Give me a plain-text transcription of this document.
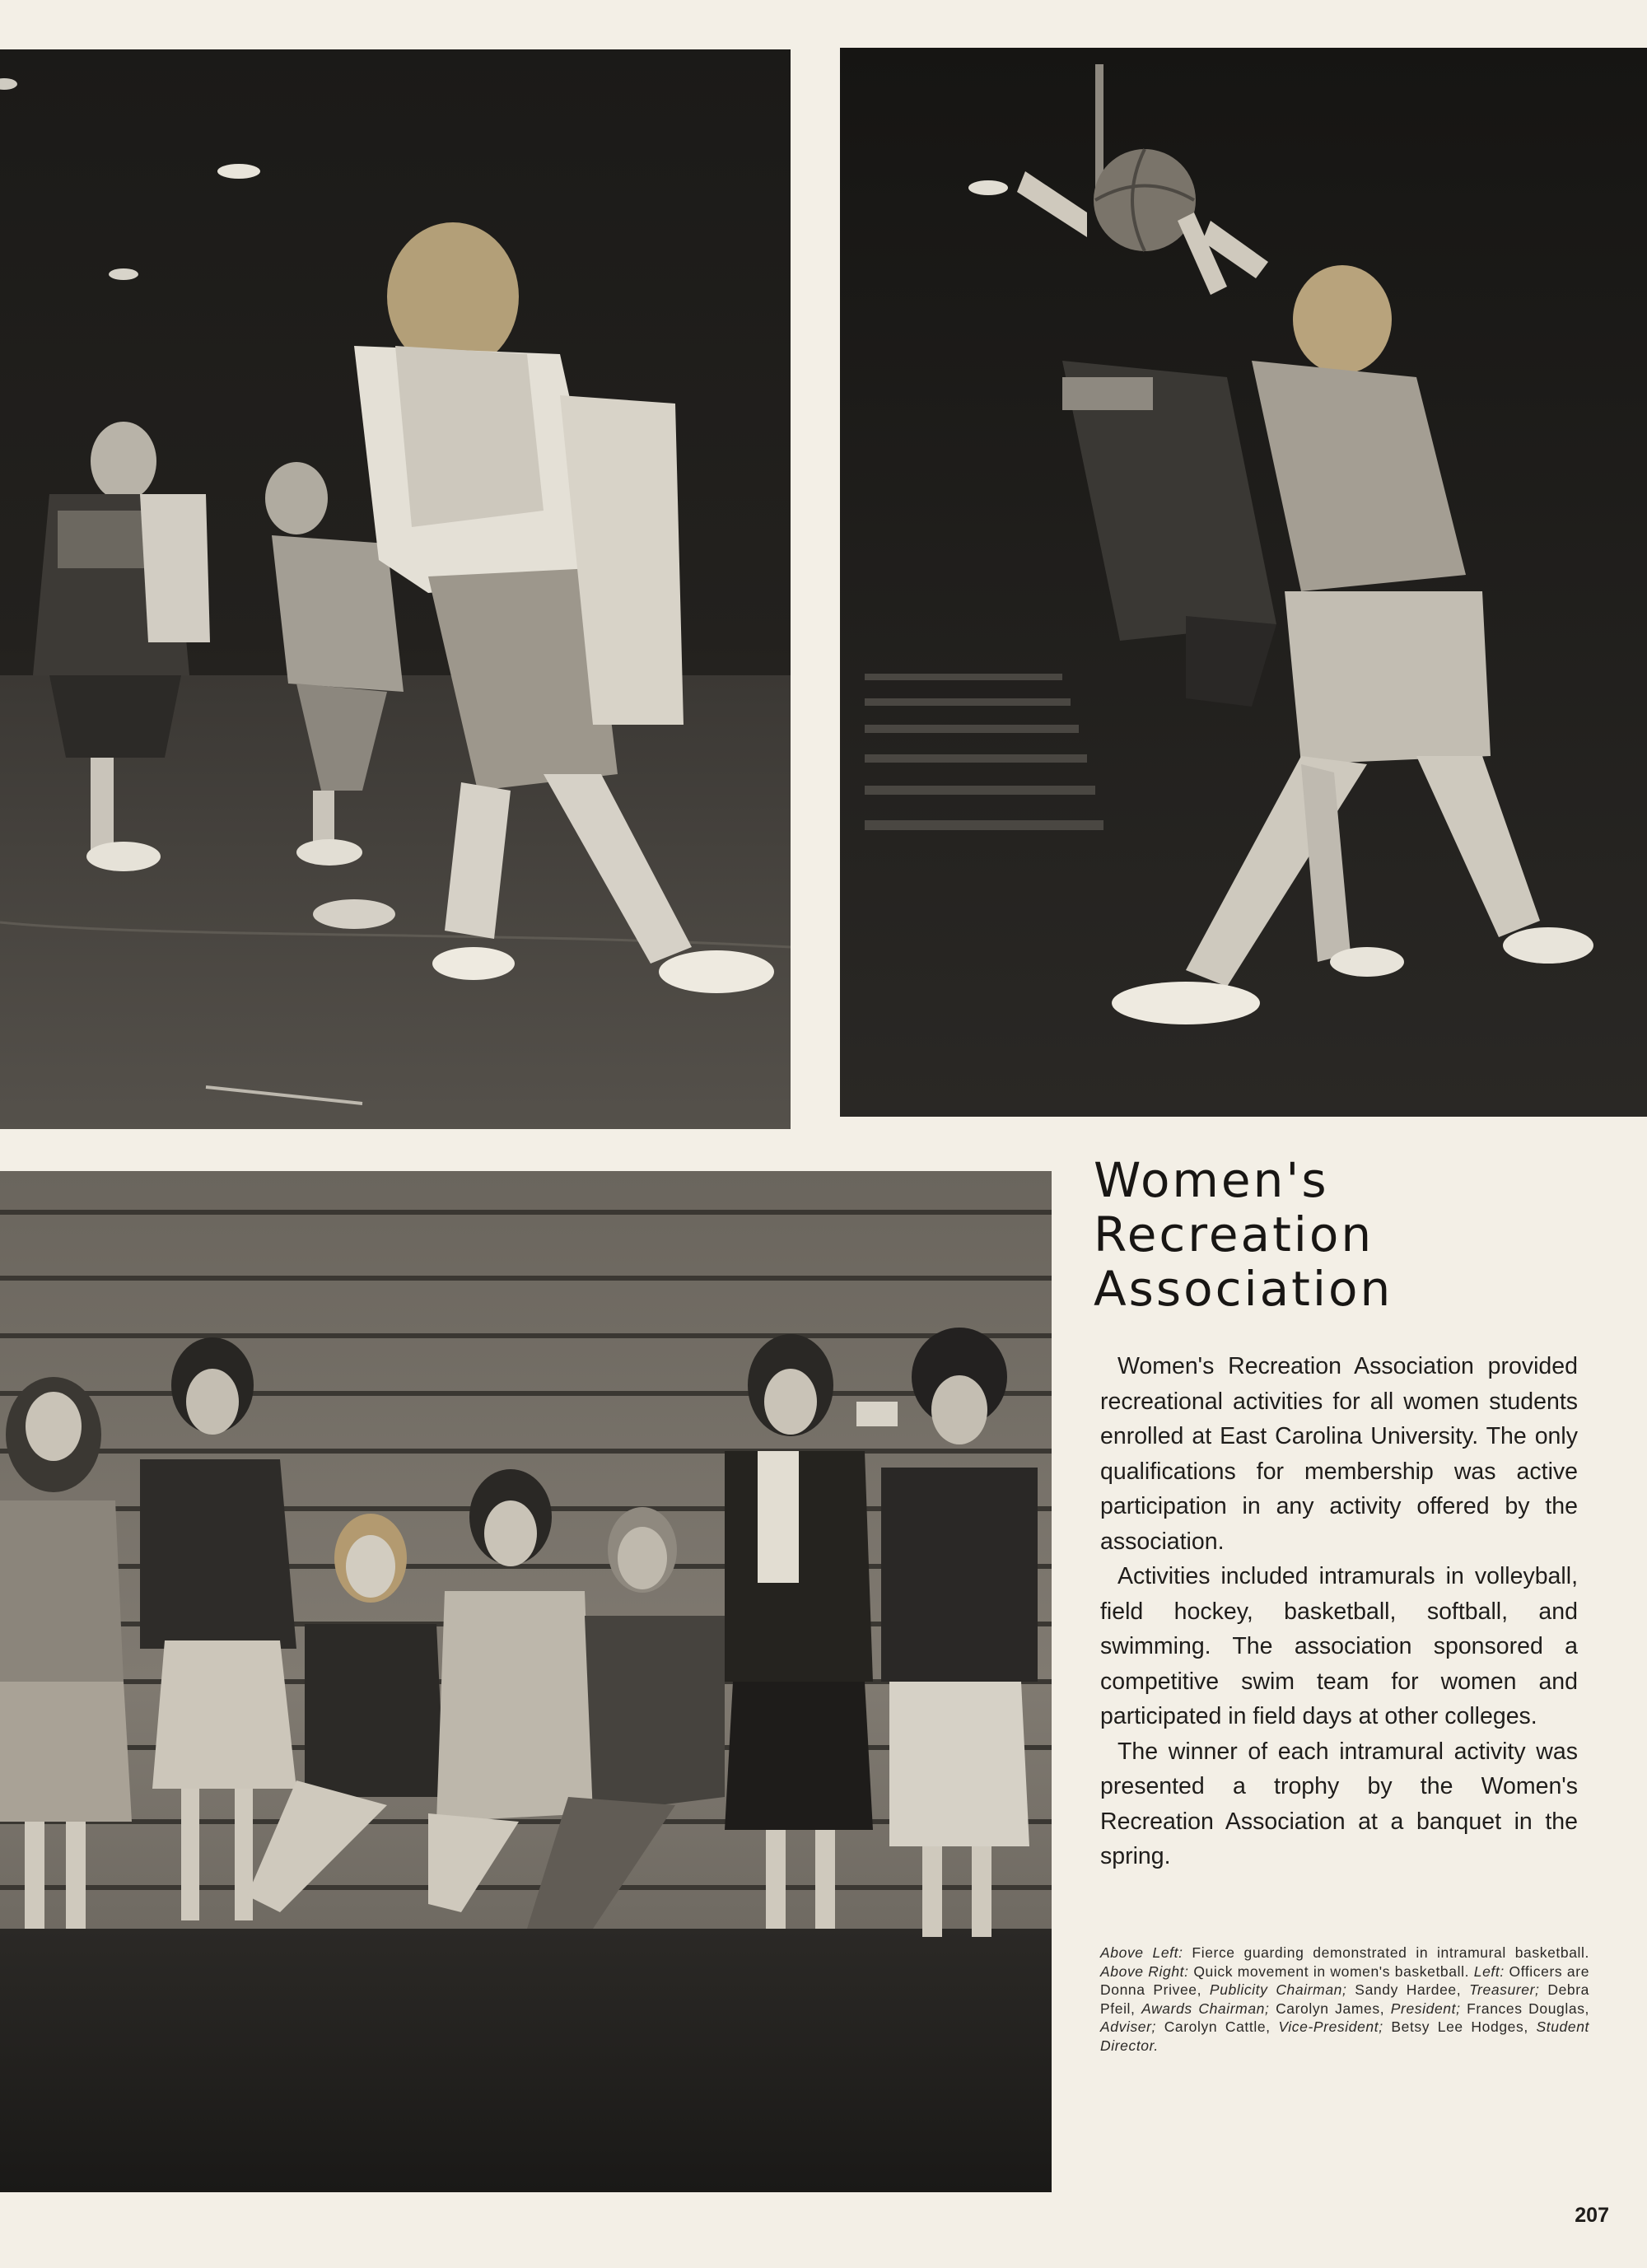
Women's
Recreation
Association

Women's Recreation Association provided recreational activities for all women students enrolled at East Carolina University. The only qualifications for membership was active participation in any activity offered by the association.

Activities included intramurals in volleyball, field hockey, basketball, softball, and swimming. The association sponsored a competitive swim team for women and participated in field days at other colleges.

The winner of each intramural activity was presented a trophy by the Women's Recreation Association at a banquet in the spring.

Above Left: Fierce guarding demonstrated in intramural basketball. Above Right: Quick movement in women's basketball. Left: Officers are Donna Privee, Publicity Chairman; Sandy Hardee, Treasurer; Debra Pfeil, Awards Chairman; Carolyn James, President; Frances Douglas, Adviser; Carolyn Cattle, Vice-President; Betsy Lee Hodges, Student Director.

207
